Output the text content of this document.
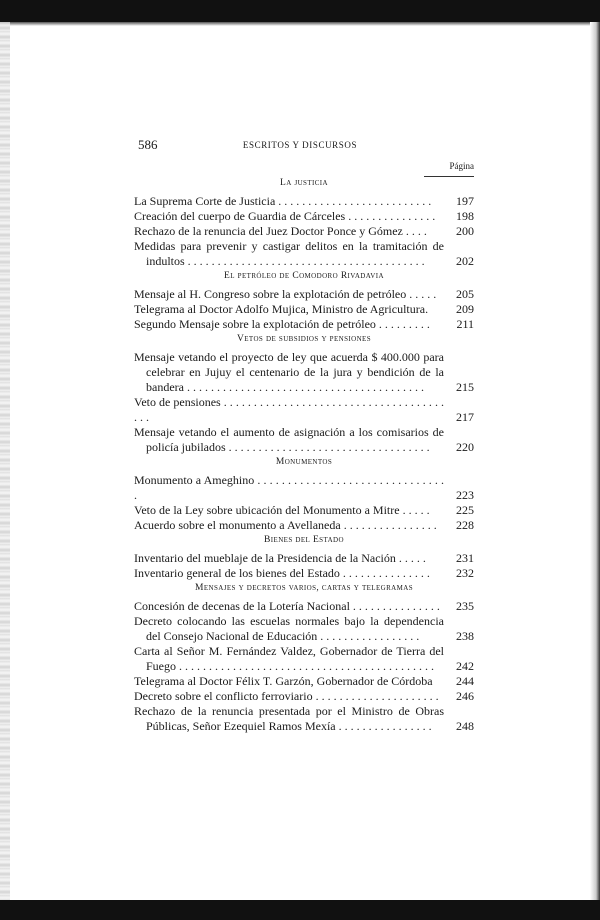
586	ESCRITOS Y DISCURSOS
Página
La justicia
La Suprema Corte de Justicia . . . . . . . . . . . . . . . . . . . . . . . . . .	197
Creación del cuerpo de Guardia de Cárceles . . . . . . . . . . . . . . .	198
Rechazo de la renuncia del Juez Doctor Ponce y Gómez . . . .	200
Medidas para prevenir y castigar delitos en la tramitación de indultos . . . . . . . . . . . . . . . . . . . . . . . . . . . . . . . . . . . . . . . .	202
El petróleo de Comodoro Rivadavia
Mensaje al H. Congreso sobre la explotación de petróleo . . . . .	205
Telegrama al Doctor Adolfo Mujica, Ministro de Agricultura.	209
Segundo Mensaje sobre la explotación de petróleo . . . . . . . . .	211
Vetos de subsidios y pensiones
Mensaje vetando el proyecto de ley que acuerda $ 400.000 para celebrar en Jujuy el centenario de la jura y bendición de la bandera . . . . . . . . . . . . . . . . . . . . . . . . . . . . . . . . . . . . . . . .	215
Veto de pensiones . . . . . . . . . . . . . . . . . . . . . . . . . . . . . . . . . . . . . . . .	217
Mensaje vetando el aumento de asignación a los comisarios de policía jubilados . . . . . . . . . . . . . . . . . . . . . . . . . . . . . . . . . .	220
Monumentos
Monumento a Ameghino . . . . . . . . . . . . . . . . . . . . . . . . . . . . . . . .	223
Veto de la Ley sobre ubicación del Monumento a Mitre . . . . .	225
Acuerdo sobre el monumento a Avellaneda . . . . . . . . . . . . . . . .	228
Bienes del Estado
Inventario del mueblaje de la Presidencia de la Nación . . . . .	231
Inventario general de los bienes del Estado . . . . . . . . . . . . . . .	232
Mensajes y decretos varios, cartas y telegramas
Concesión de decenas de la Lotería Nacional . . . . . . . . . . . . . . .	235
Decreto colocando las escuelas normales bajo la dependencia del Consejo Nacional de Educación . . . . . . . . . . . . . . . . .	238
Carta al Señor M. Fernández Valdez, Gobernador de Tierra del Fuego . . . . . . . . . . . . . . . . . . . . . . . . . . . . . . . . . . . . . . . . . . .	242
Telegrama al Doctor Félix T. Garzón, Gobernador de Córdoba	244
Decreto sobre el conflicto ferroviario . . . . . . . . . . . . . . . . . . . . .	246
Rechazo de la renuncia presentada por el Ministro de Obras Públicas, Señor Ezequiel Ramos Mexía . . . . . . . . . . . . . . . .	248
